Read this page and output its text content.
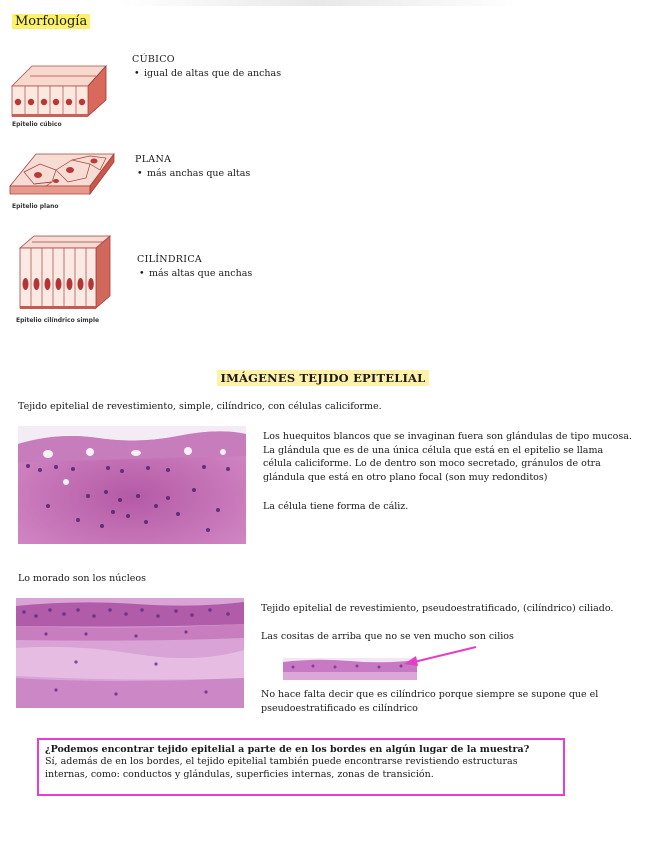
Morfología
Epitelio cúbico
CÚBICO
• igual de altas que de anchas
Epitelio plano
PLANA
• más anchas que altas
Epitelio cilíndrico simple
CILÍNDRICA
• más altas que anchas
IMÁGENES TEJIDO EPITELIAL
Tejido epitelial de revestimiento, simple, cilíndrico, con células caliciforme.
Los huequitos blancos que se invaginan fuera son glándulas de tipo mucosa. La glándula que es de una única célula que está en el epitelio se llama célula caliciforme. Lo de dentro son moco secretado, gránulos de otra glándula que está en otro plano focal (son muy redonditos)
La célula tiene forma de cáliz.
Lo morado son los núcleos
Tejido epitelial de revestimiento, pseudoestratificado, (cilíndrico) ciliado.
Las cositas de arriba que no se ven mucho son cilios
No hace falta decir que es cilíndrico porque siempre se supone que el pseudoestratificado es cilíndrico
¿Podemos encontrar tejido epitelial a parte de en los bordes en algún lugar de la muestra?
Sí, además de en los bordes, el tejido epitelial también puede encontrarse revistiendo estructuras internas, como: conductos y glándulas, superficies internas, zonas de transición.
